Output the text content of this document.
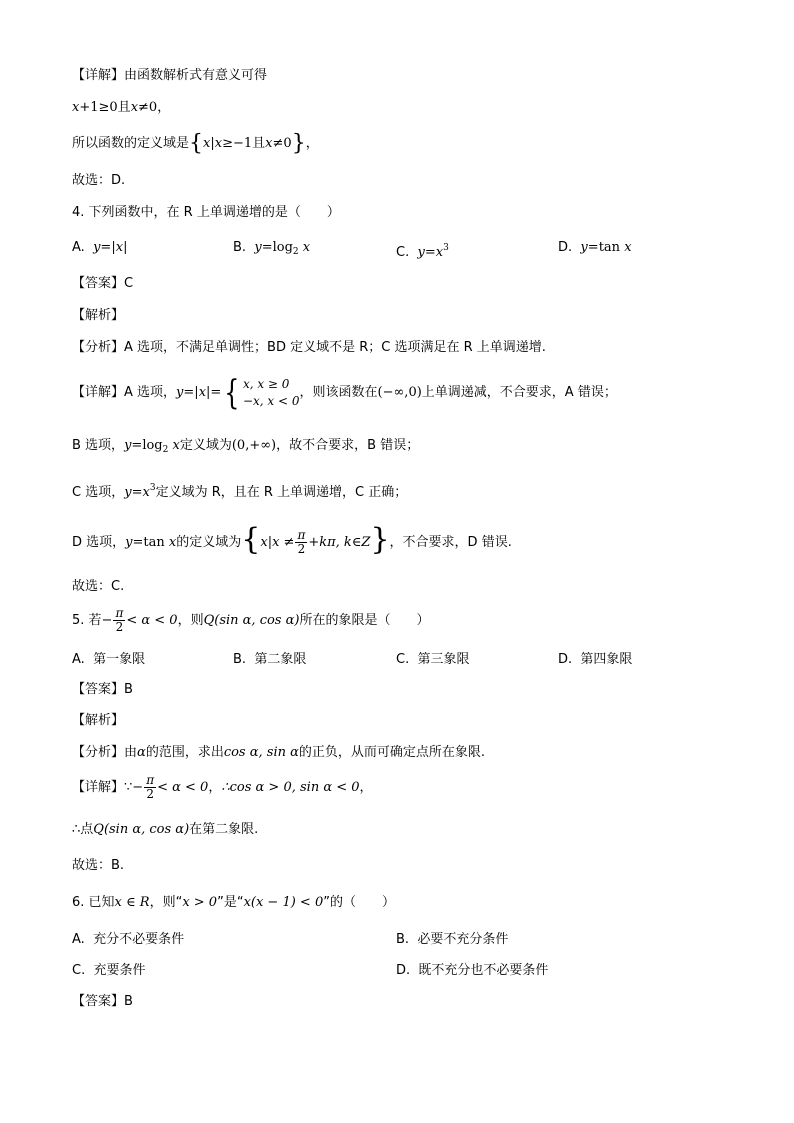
【详解】由函数解析式有意义可得
x+1≥0且x≠0，
所以函数的定义域是{x|x≥−1且x≠0}，
故选：D.
4. 下列函数中，在 R 上单调递增的是（　　）
A. y=|x|	B. $y=\log_2$ x	C. $y=x^3$	D. y=tan x
【答案】C
【解析】
【分析】A 选项，不满足单调性；BD 定义域不是 R；C 选项满足在 R 上单调递增.
【详解】A 选项，y=|x|={ x, x ≥ 0
−x, x < 0
，则该函数在(−∞,0)上单调递减，不合要求，A 错误；
B 选项，$y=\log_2$ x定义域为(0,+∞)，故不合要求，B 错误；
C 选项，$y=x^3$定义域为 R，且在 R 上单调递增，C 正确；
D 选项，y=tan x的定义域为{$x|x \ne \frac{\pi}{2} +k\pi$, k∈Z}，不合要求，D 错误.
故选：C.
5. 若− $\frac{\pi}{2} < \alpha < 0$，则Q(sin α, cos α)所在的象限是（　　）
A. 第一象限	B. 第二象限	C. 第三象限	D. 第四象限
【答案】B
【解析】
【分析】由α的范围，求出cos α, sin α的正负，从而可确定点所在象限.
【详解】∵− $\frac{\pi}{2} < \alpha < 0$，∴cos α > 0, sin α < 0，
∴点Q(sin α, cos α)在第二象限.
故选：B.
6. 已知x ∈ R，则“x > 0”是“x(x − 1) < 0”的（　　）
A. 充分不必要条件	B. 必要不充分条件
C. 充要条件	D. 既不充分也不必要条件
【答案】B
